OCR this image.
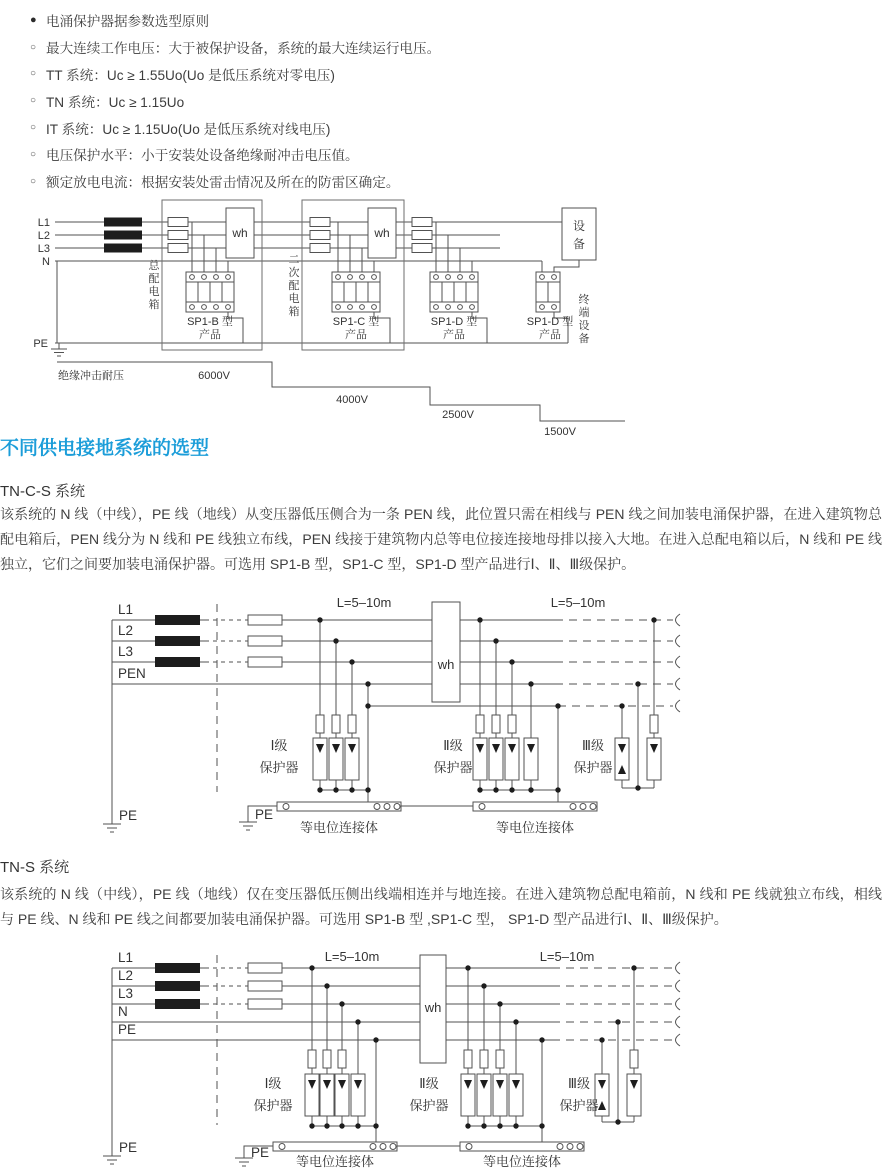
● 电涌保护器据参数选型原则
○ 最大连续工作电压：大于被保护设备，系统的最大连续运行电压。
○ TT 系统：Uc ≥ 1.55Uo(Uo 是低压系统对零电压)
○ TN 系统：Uc ≥ 1.15Uo
○ IT 系统：Uc ≥ 1.15Uo(Uo 是低压系统对线电压)
○ 电压保护水平：小于安装处设备绝缘耐冲击电压值。
○ 额定放电电流：根据安装处雷击情况及所在的防雷区确定。
L1
L2
L3
N
PE
wh	wh
总配电箱
二次配电箱
设备
终端设备
SP1-B 型
产品
SP1-C 型
产品
SP1-D 型
产品
SP1-D 型
产品
绝缘冲击耐压	6000V
4000V
2500V
1500V
不同供电接地系统的选型
TN-C-S 系统
该系统的 N 线（中线），PE 线（地线）从变压器低压侧合为一条 PEN 线，此位置只需在相线与 PEN 线之间加装电涌保护器，在进入建筑物总配电箱后，PEN 线分为 N 线和 PE 线独立布线，PEN 线接于建筑物内总等电位接连接地母排以接入大地。在进入总配电箱以后，N 线和 PE 线独立，它们之间要加装电涌保护器。可选用 SP1-B 型，SP1-C 型，SP1-D 型产品进行Ⅰ、Ⅱ、Ⅲ级保护。
L1
L2
L3
PEN
PE	PE
L=5–10m	L=5–10m
wh
Ⅰ级
保护器
Ⅱ级
保护器
Ⅲ级
保护器
等电位连接体	等电位连接体
TN-S 系统
该系统的 N 线（中线），PE 线（地线）仅在变压器低压侧出线端相连并与地连接。在进入建筑物总配电箱前，N 线和 PE 线就独立布线，相线与 PE 线、N 线和 PE 线之间都要加装电涌保护器。可选用 SP1-B 型 ,SP1-C 型， SP1-D 型产品进行Ⅰ、Ⅱ、Ⅲ级保护。
L1
L2
L3
N
PE
PE	PE
L=5–10m	L=5–10m
wh
Ⅰ级
保护器
Ⅱ级
保护器
Ⅲ级
保护器
等电位连接体	等电位连接体
